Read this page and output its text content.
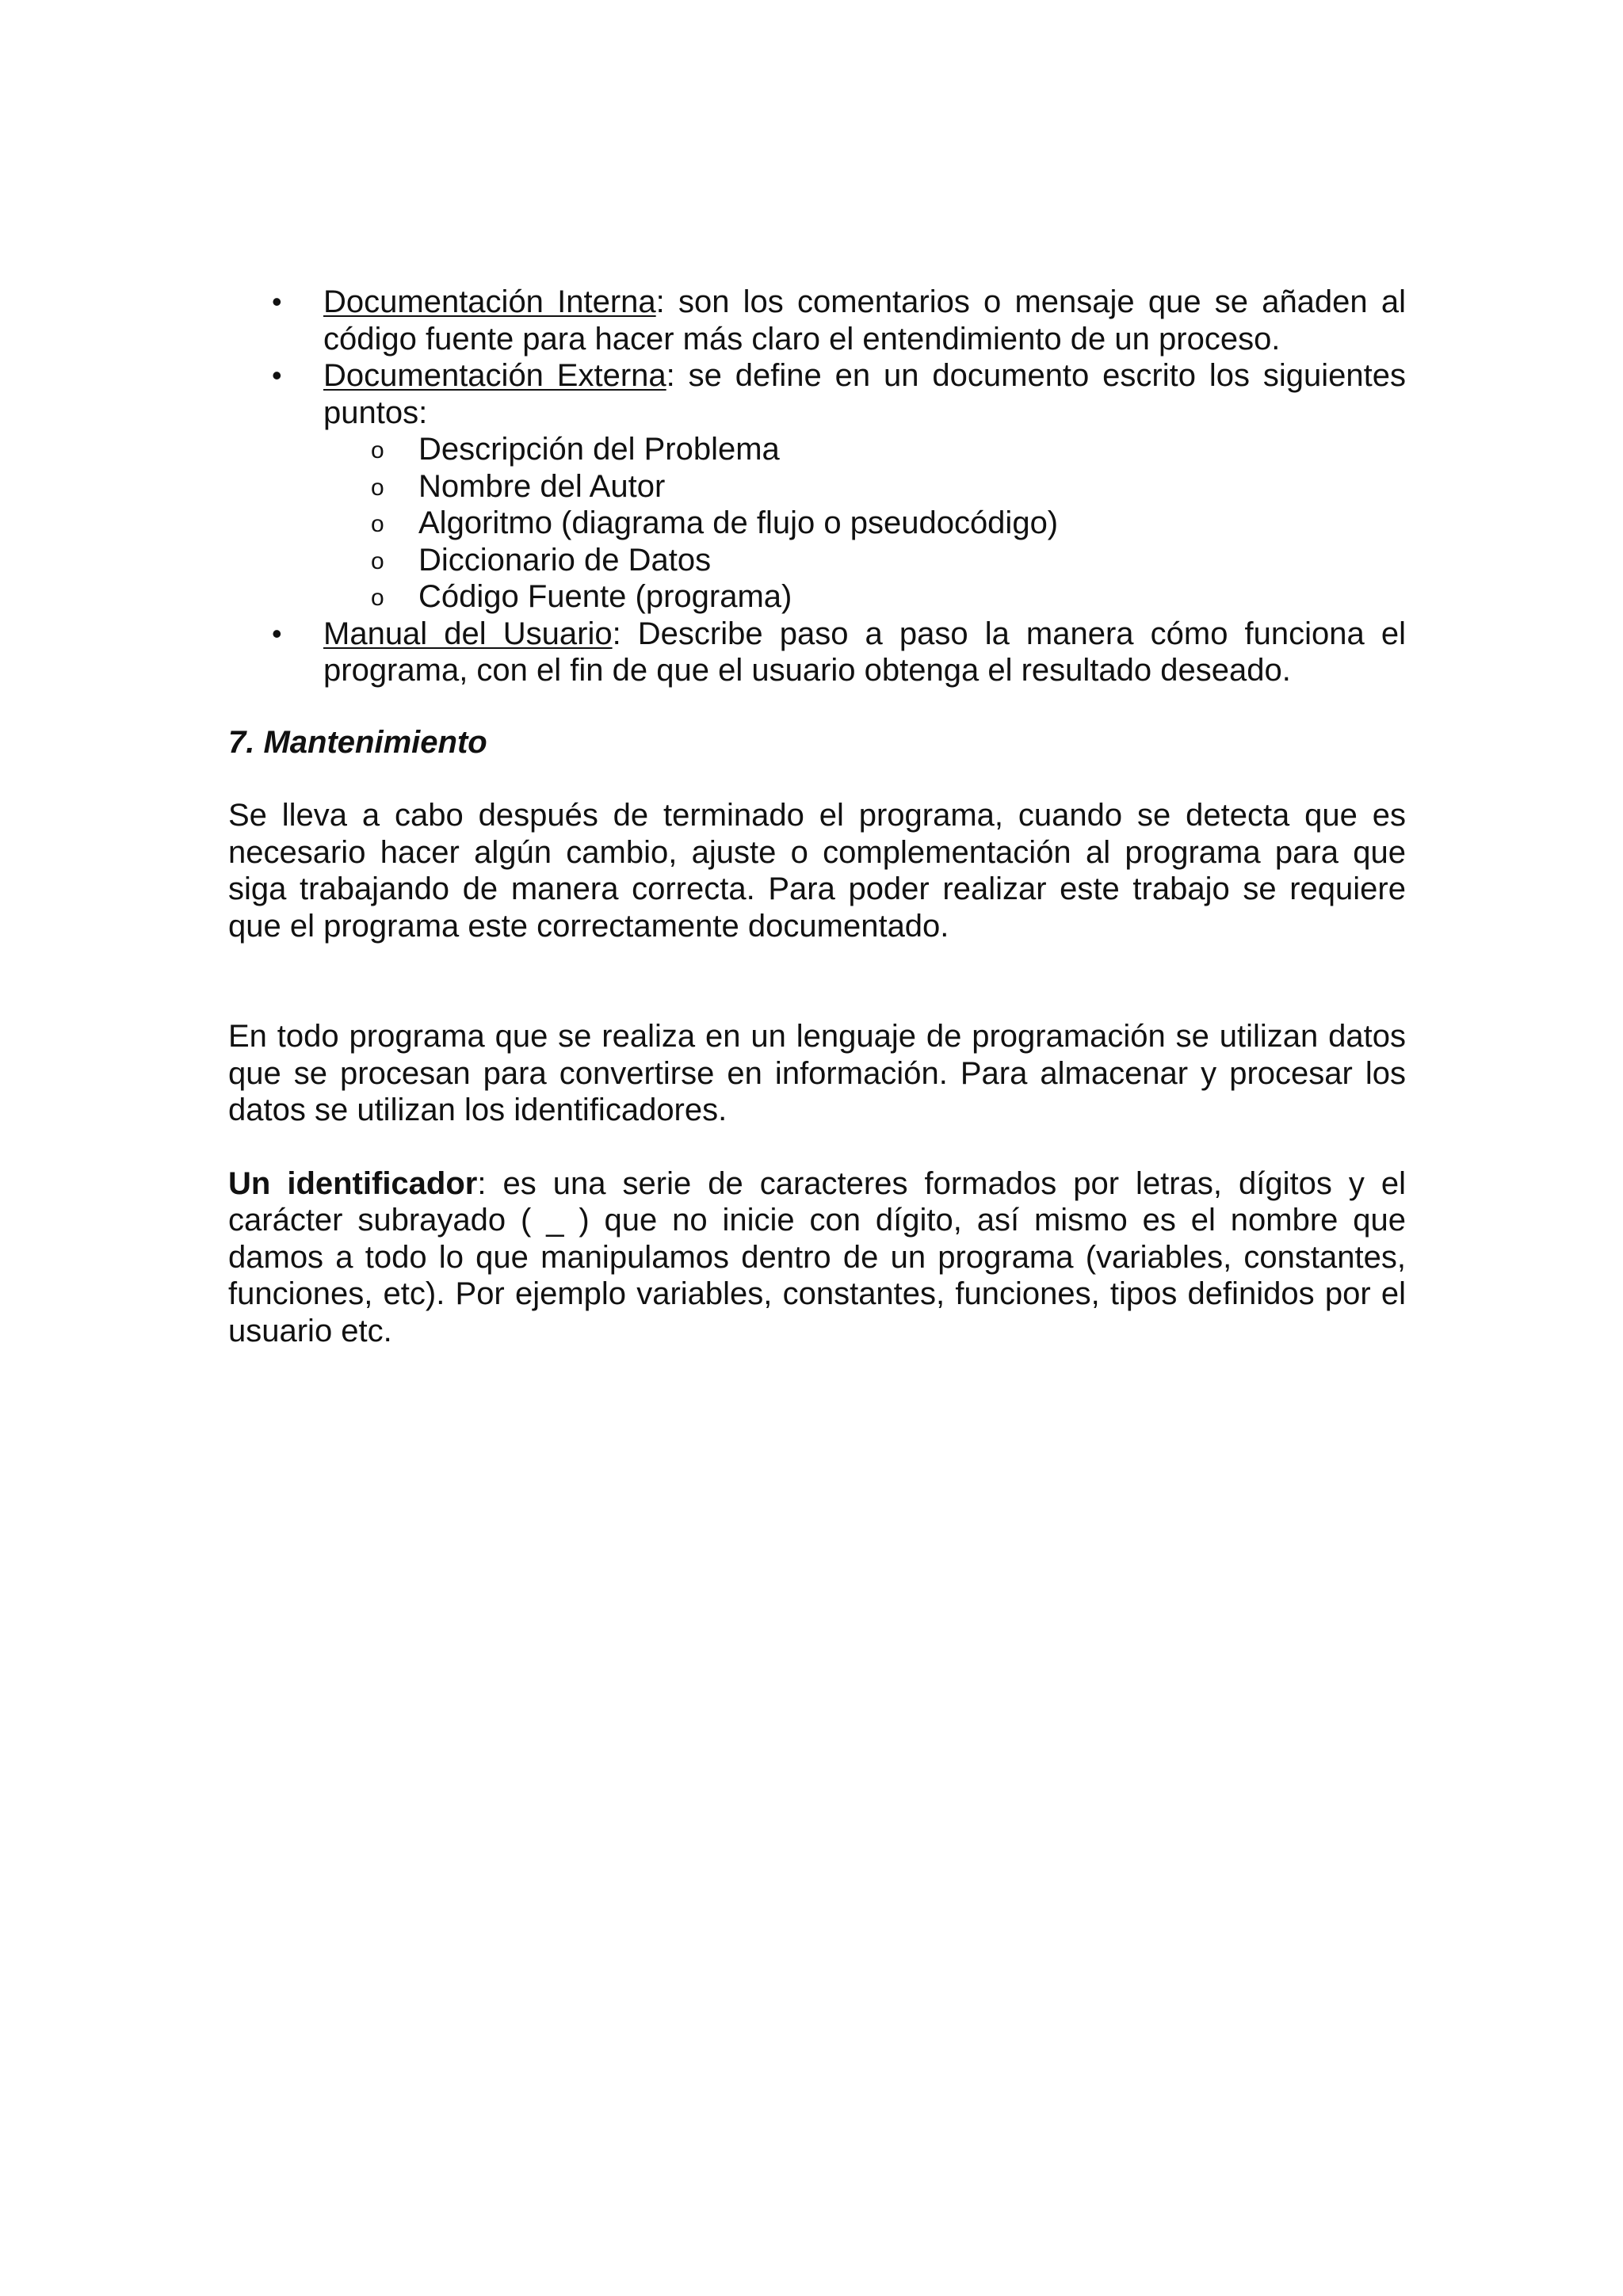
• Documentación Interna: son los comentarios o mensaje que se añaden al código fuente para hacer más claro el entendimiento de un proceso.
• Documentación Externa: se define en un documento escrito los siguientes puntos:
o Descripción del Problema
o Nombre del Autor
o Algoritmo (diagrama de flujo o pseudocódigo)
o Diccionario de Datos
o Código Fuente (programa)
• Manual del Usuario: Describe paso a paso la manera cómo funciona el programa, con el fin de que el usuario obtenga el resultado deseado.

7. Mantenimiento

Se lleva a cabo después de terminado el programa, cuando se detecta que es necesario hacer algún cambio, ajuste o complementación al programa para que siga trabajando de manera correcta. Para poder realizar este trabajo se requiere que el programa este correctamente documentado.

En todo programa que se realiza en un lenguaje de programación se utilizan datos que se procesan para convertirse en información. Para almacenar y procesar los datos se utilizan los identificadores.

Un identificador: es una serie de caracteres formados por letras, dígitos y el carácter subrayado ( _ ) que no inicie con dígito, así mismo es el nombre que damos a todo lo que manipulamos dentro de un programa (variables, constantes, funciones, etc). Por ejemplo variables, constantes, funciones, tipos definidos por el usuario etc.
